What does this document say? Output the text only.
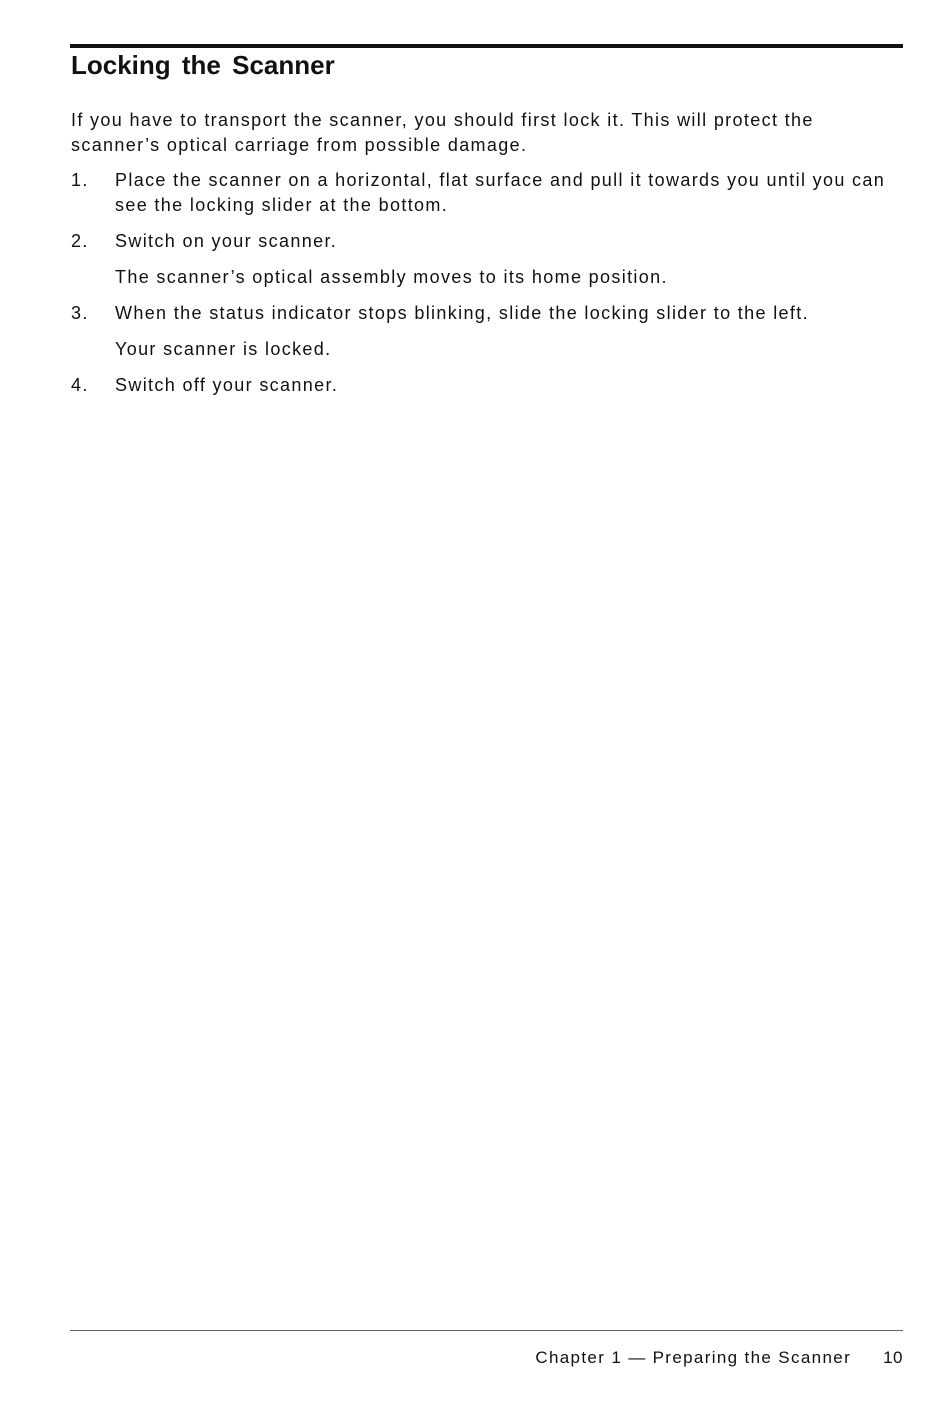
Locking the Scanner

If you have to transport the scanner, you should first lock it. This will protect the scanner’s optical carriage from possible damage.

1.	Place the scanner on a horizontal, flat surface and pull it towards you until you can see the locking slider at the bottom.
2.	Switch on your scanner.
The scanner’s optical assembly moves to its home position.
3.	When the status indicator stops blinking, slide the locking slider to the left.
Your scanner is locked.
4.	Switch off your scanner.
Chapter 1 — Preparing the Scanner 10
